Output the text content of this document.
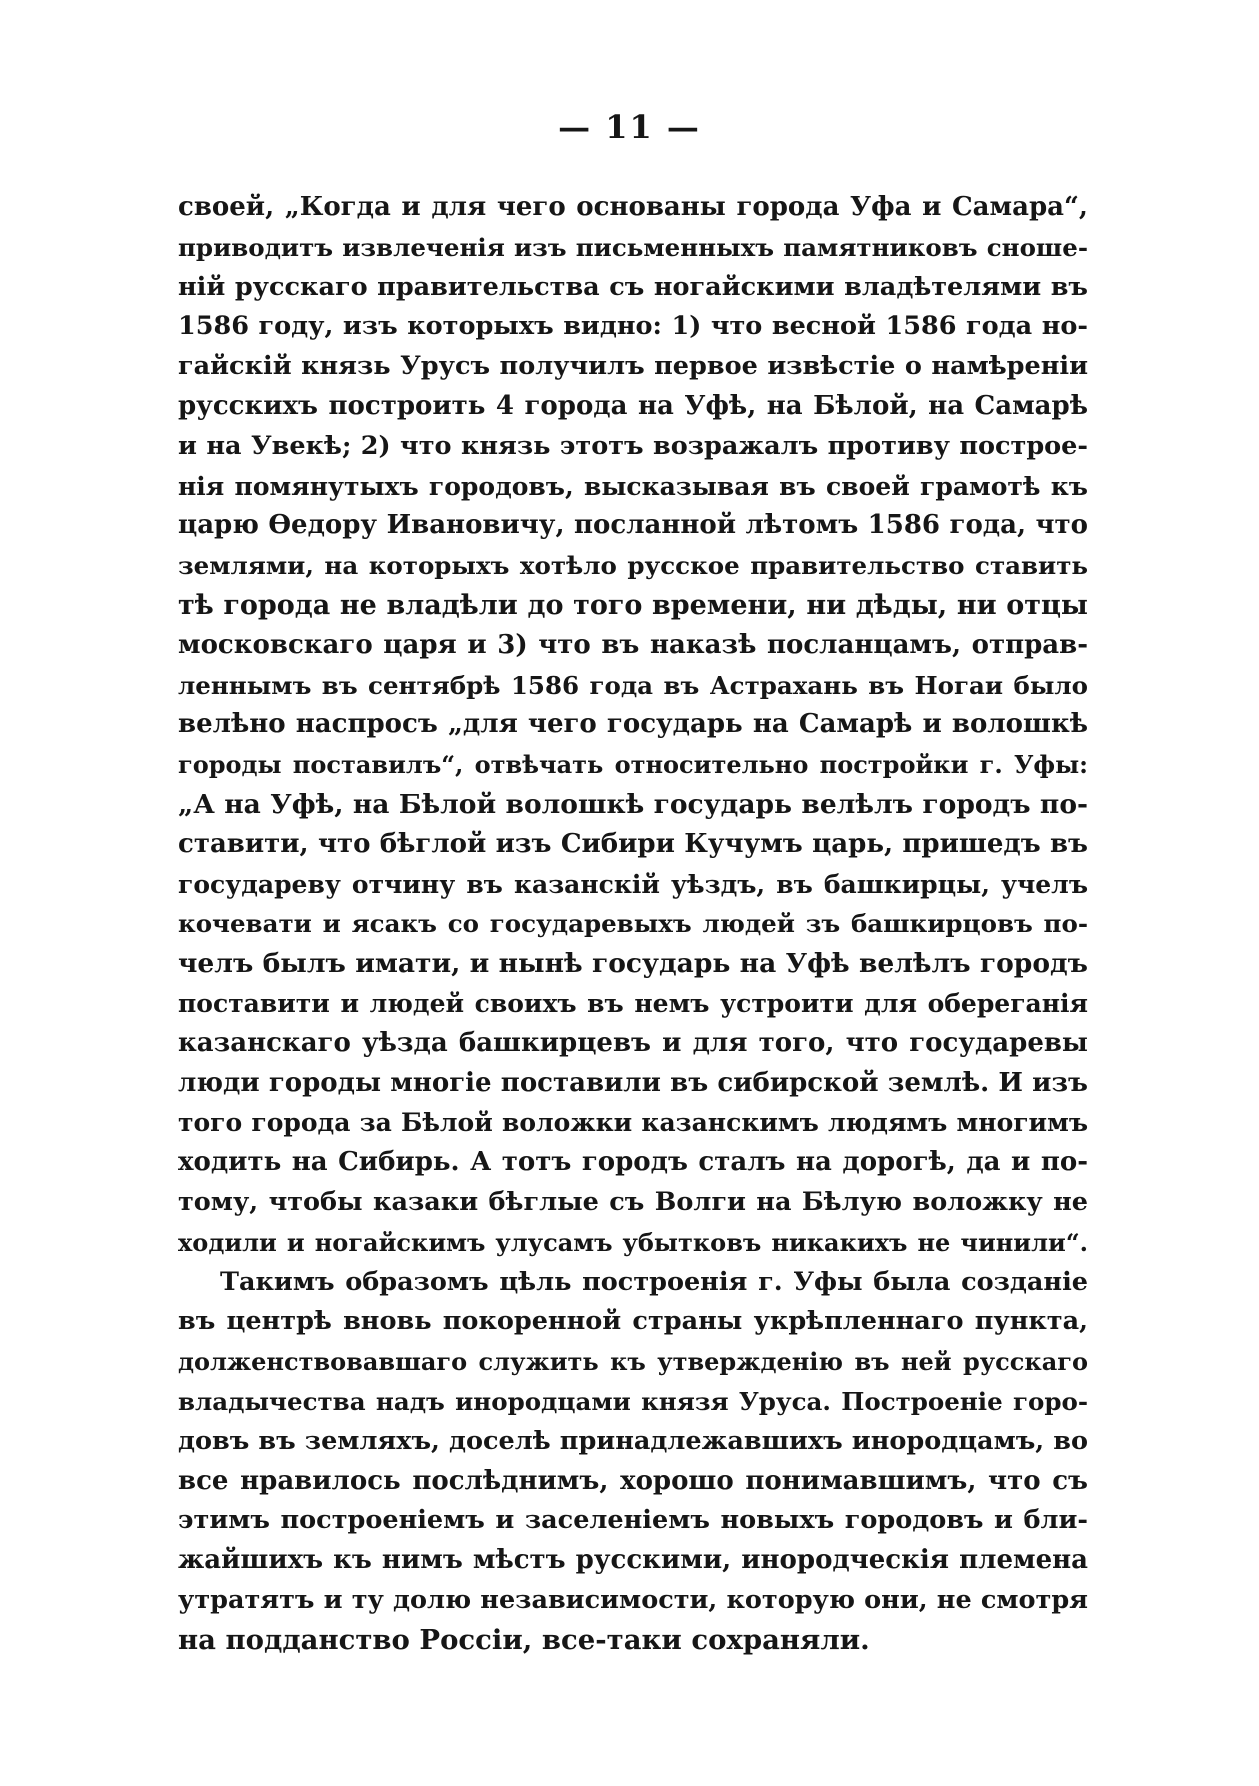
— 11 —
своей, „Когда и для чего основаны города Уфа и Самара“,
приводитъ извлеченія изъ письменныхъ памятниковъ сноше-
ній русскаго правительства съ ногайскими владѣтелями въ
1586 году, изъ которыхъ видно: 1) что весной 1586 года но-
гайскій князь Урусъ получилъ первое извѣстіе о намѣреніи
русскихъ построить 4 города на Уфѣ, на Бѣлой, на Самарѣ
и на Увекѣ; 2) что князь этотъ возражалъ противу построе-
нія помянутыхъ городовъ, высказывая въ своей грамотѣ къ
царю Ѳедору Ивановичу, посланной лѣтомъ 1586 года, что
землями, на которыхъ хотѣло русское правительство ставить
тѣ города не владѣли до того времени, ни дѣды, ни отцы
московскаго царя и 3) что въ наказѣ посланцамъ, отправ-
леннымъ въ сентябрѣ 1586 года въ Астрахань въ Ногаи было
велѣно наспросъ „для чего государь на Самарѣ и волошкѣ
городы поставилъ“, отвѣчать относительно постройки г. Уфы:
„А на Уфѣ, на Бѣлой волошкѣ государь велѣлъ городъ по-
ставити, что бѣглой изъ Сибири Кучумъ царь, пришедъ въ
государеву отчину въ казанскій уѣздъ, въ башкирцы, учелъ
кочевати и ясакъ со государевыхъ людей зъ башкирцовъ по-
челъ былъ имати, и нынѣ государь на Уфѣ велѣлъ городъ
поставити и людей своихъ въ немъ устроити для обереганія
казанскаго уѣзда башкирцевъ и для того, что государевы
люди городы многіе поставили въ сибирской землѣ. И изъ
того города за Бѣлой воложки казанскимъ людямъ многимъ
ходить на Сибирь. А тотъ городъ сталъ на дорогѣ, да и по-
тому, чтобы казаки бѣглые съ Волги на Бѣлую воложку не
ходили и ногайскимъ улусамъ убытковъ никакихъ не чинили“.
Такимъ образомъ цѣль построенія г. Уфы была созданіе
въ центрѣ вновь покоренной страны укрѣпленнаго пункта,
долженствовавшаго служить къ утвержденію въ ней русскаго
владычества надъ инородцами князя Уруса. Построеніе горо-
довъ въ земляхъ, доселѣ принадлежавшихъ инородцамъ, во
все нравилось послѣднимъ, хорошо понимавшимъ, что съ
этимъ построеніемъ и заселеніемъ новыхъ городовъ и бли-
жайшихъ къ нимъ мѣстъ русскими, инородческія племена
утратятъ и ту долю независимости, которую они, не смотря
на подданство Россіи, все-таки сохраняли.
